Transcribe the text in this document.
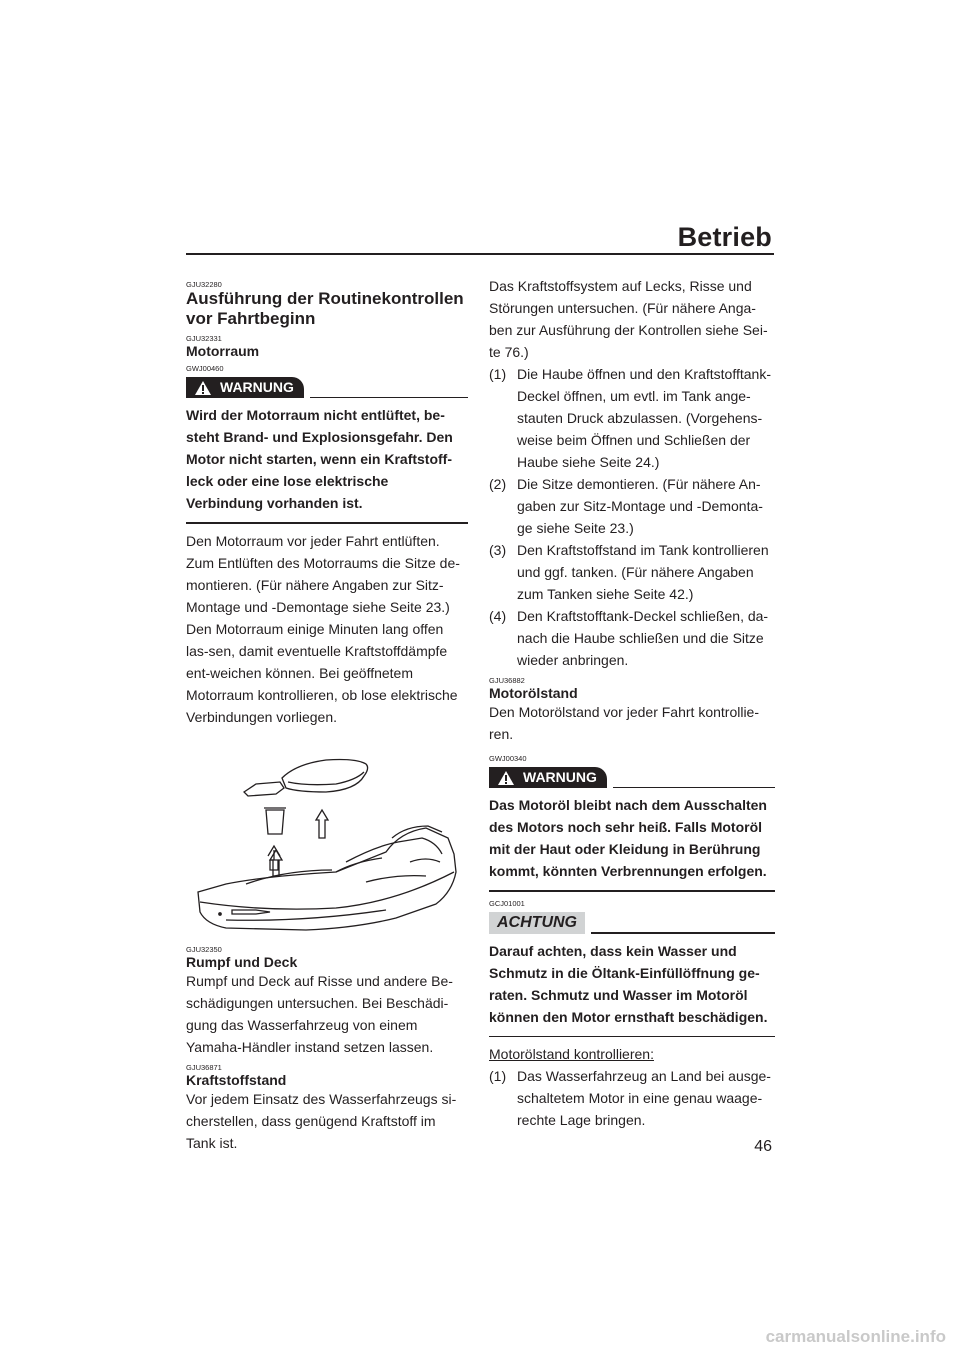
Betrieb
GJU32280
Ausführung der Routinekontrollen vor Fahrtbeginn
GJU32331
Motorraum
GWJ00460
WARNUNG
Wird der Motorraum nicht entlüftet, be-steht Brand- und Explosionsgefahr. Den Motor nicht starten, wenn ein Kraftstoff-leck oder eine lose elektrische Verbindung vorhanden ist.
Den Motorraum vor jeder Fahrt entlüften. Zum Entlüften des Motorraums die Sitze de-montieren. (Für nähere Angaben zur Sitz-Montage und -Demontage siehe Seite 23.) Den Motorraum einige Minuten lang offen las-sen, damit eventuelle Kraftstoffdämpfe ent-weichen können. Bei geöffnetem Motorraum kontrollieren, ob lose elektrische Verbindungen vorliegen.
GJU32350
Rumpf und Deck
Rumpf und Deck auf Risse und andere Be-schädigungen untersuchen. Bei Beschädi-gung das Wasserfahrzeug von einem Yamaha-Händler instand setzen lassen.
GJU36871
Kraftstoffstand
Vor jedem Einsatz des Wasserfahrzeugs si-cherstellen, dass genügend Kraftstoff im Tank ist.
Das Kraftstoffsystem auf Lecks, Risse und Störungen untersuchen. (Für nähere Anga-ben zur Ausführung der Kontrollen siehe Sei-te 76.)
(1) Die Haube öffnen und den Kraftstofftank-Deckel öffnen, um evtl. im Tank ange-stauten Druck abzulassen. (Vorgehens-weise beim Öffnen und Schließen der Haube siehe Seite 24.)
(2) Die Sitze demontieren. (Für nähere An-gaben zur Sitz-Montage und -Demonta-ge siehe Seite 23.)
(3) Den Kraftstoffstand im Tank kontrollieren und ggf. tanken. (Für nähere Angaben zum Tanken siehe Seite 42.)
(4) Den Kraftstofftank-Deckel schließen, da-nach die Haube schließen und die Sitze wieder anbringen.
GJU36882
Motorölstand
Den Motorölstand vor jeder Fahrt kontrollie-ren.
GWJ00340
WARNUNG
Das Motoröl bleibt nach dem Ausschalten des Motors noch sehr heiß. Falls Motoröl mit der Haut oder Kleidung in Berührung kommt, könnten Verbrennungen erfolgen.
GCJ01001
ACHTUNG
Darauf achten, dass kein Wasser und Schmutz in die Öltank-Einfüllöffnung ge-raten. Schmutz und Wasser im Motoröl können den Motor ernsthaft beschädigen.
Motorölstand kontrollieren:
(1) Das Wasserfahrzeug an Land bei ausge-schaltetem Motor in eine genau waage-rechte Lage bringen.
46
carmanualsonline.info
